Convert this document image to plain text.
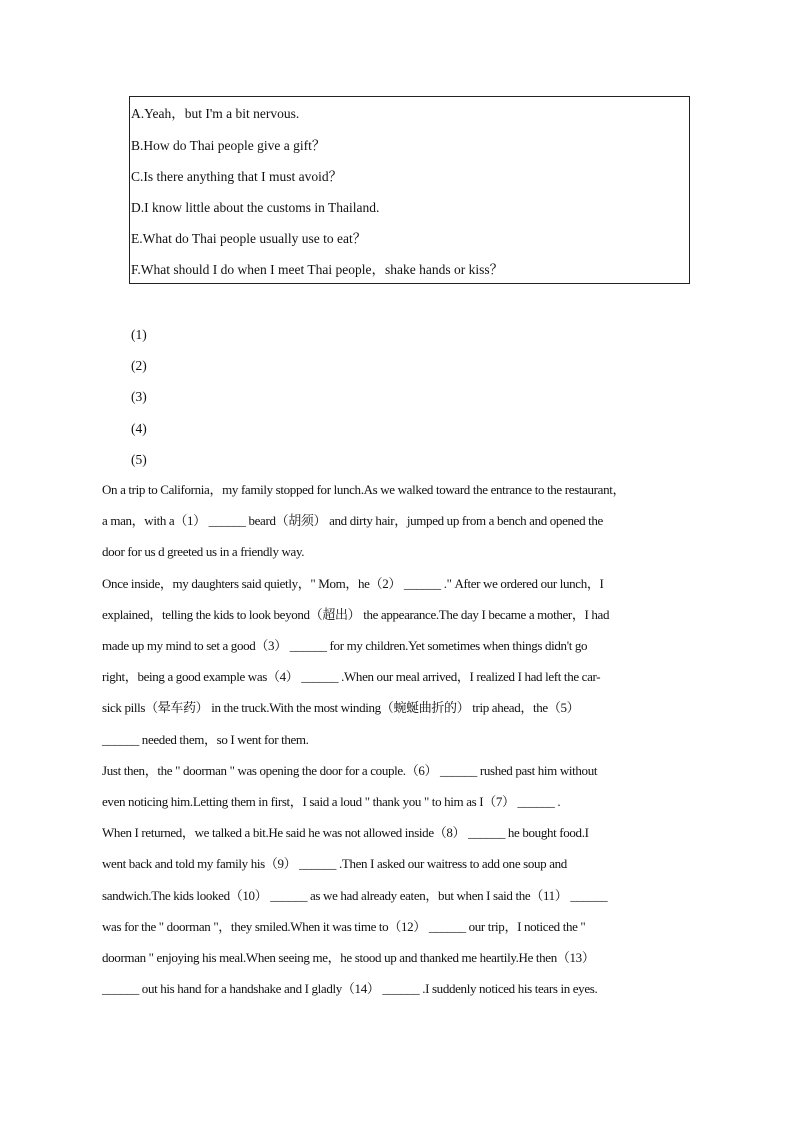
A.Yeah，but I'm a bit nervous.
B.How do Thai people give a gift？
C.Is there anything that I must avoid？
D.I know little about the customs in Thailand.
E.What do Thai people usually use to eat？
F.What should I do when I meet Thai people，shake hands or kiss？
(1)
(2)
(3)
(4)
(5)
On a trip to California，my family stopped for lunch.As we walked toward the entrance to the restaurant，
a man，with a（1） ______ beard（胡须） and dirty hair，jumped up from a bench and opened the
door for us d greeted us in a friendly way.
Once inside，my daughters said quietly，" Mom，he（2） ______ ." After we ordered our lunch，I
explained，telling the kids to look beyond（超出） the appearance.The day I became a mother，I had
made up my mind to set a good（3） ______ for my children.Yet sometimes when things didn't go
right，being a good example was（4） ______ .When our meal arrived，I realized I had left the car-
sick pills（晕车药） in the truck.With the most winding（蜿蜒曲折的） trip ahead，the（5）
______ needed them，so I went for them.
Just then，the " doorman " was opening the door for a couple.（6） ______ rushed past him without
even noticing him.Letting them in first，I said a loud " thank you " to him as I（7） ______ .
When I returned，we talked a bit.He said he was not allowed inside（8） ______ he bought food.I
went back and told my family his（9） ______ .Then I asked our waitress to add one soup and
sandwich.The kids looked（10） ______ as we had already eaten，but when I said the（11） ______
was for the " doorman "，they smiled.When it was time to（12） ______ our trip，I noticed the "
doorman " enjoying his meal.When seeing me，he stood up and thanked me heartily.He then（13）
______ out his hand for a handshake and I gladly（14） ______ .I suddenly noticed his tears in eyes.
